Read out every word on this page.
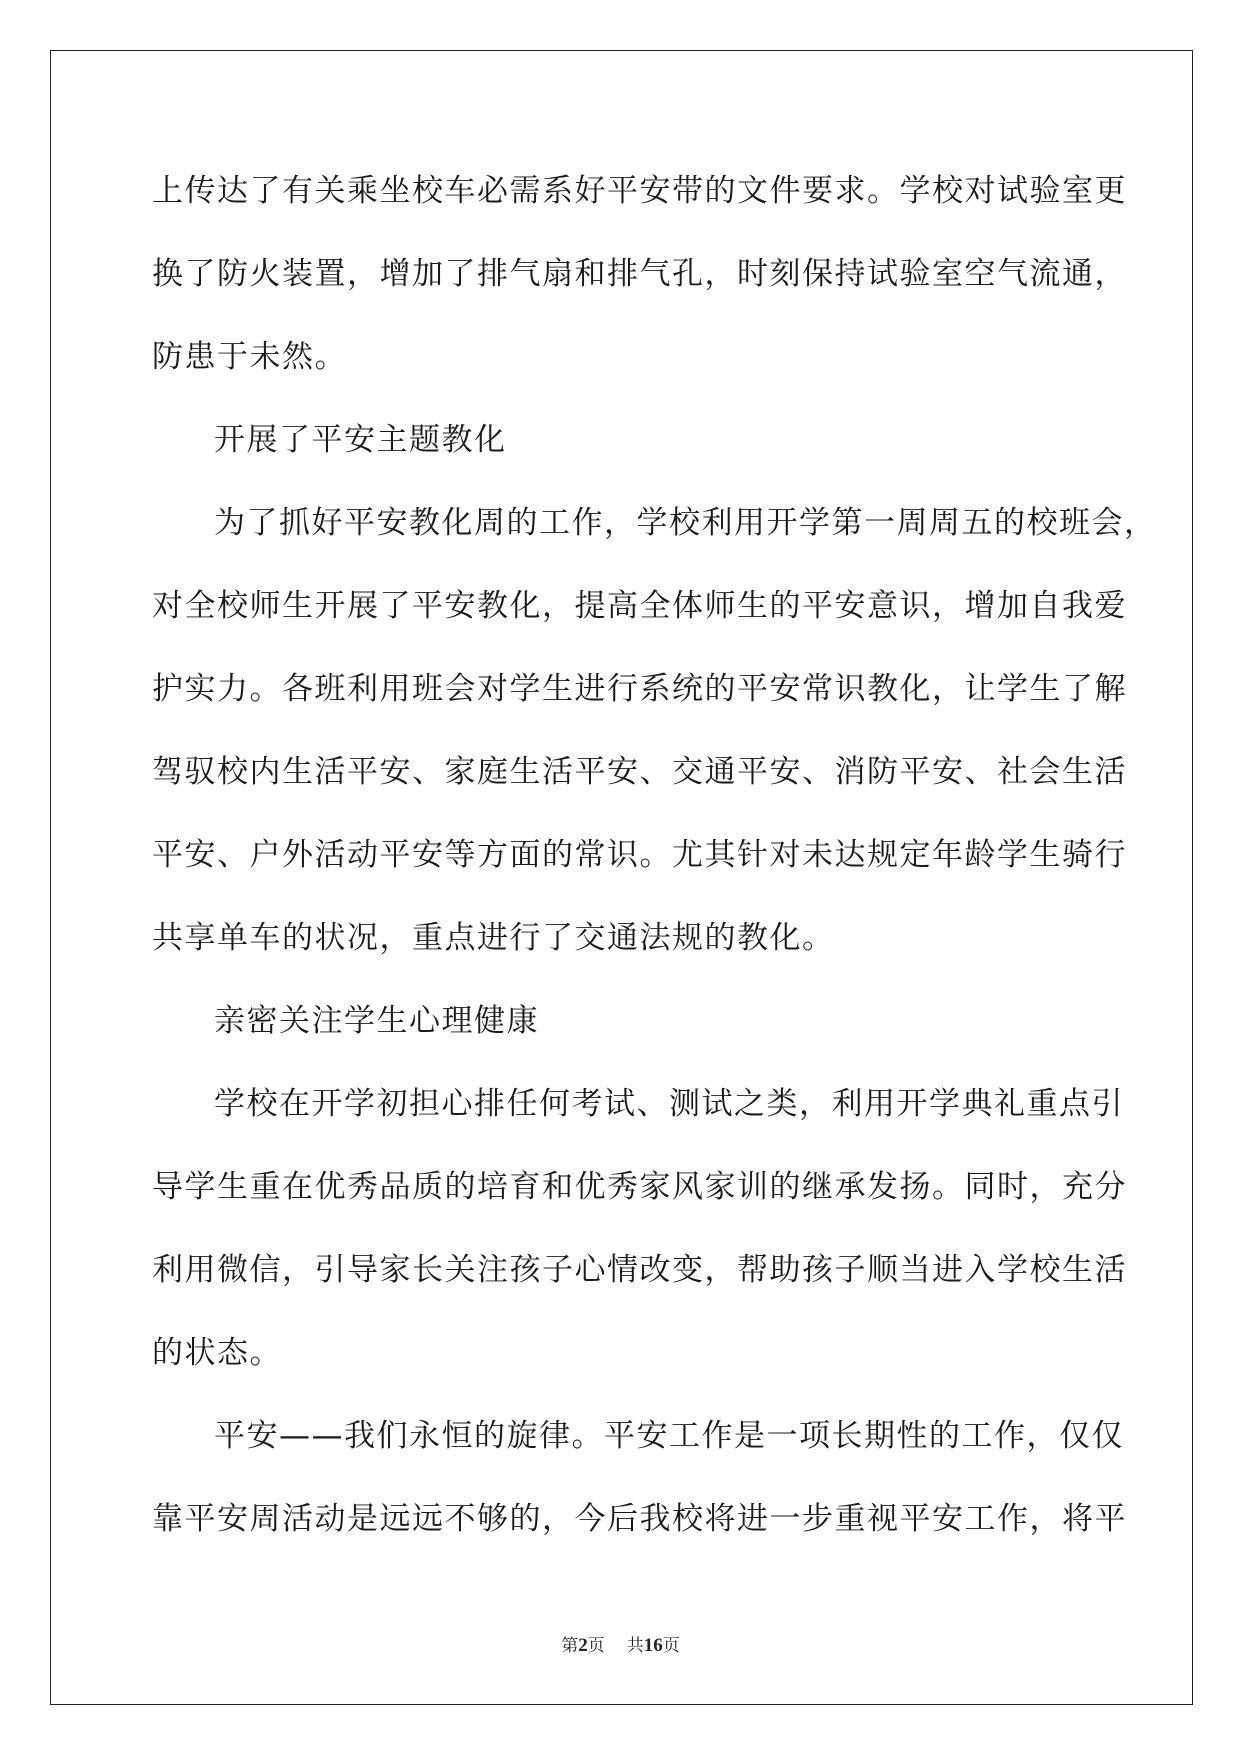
上传达了有关乘坐校车必需系好平安带的文件要求。学校对试验室更
换了防火装置，增加了排气扇和排气孔，时刻保持试验室空气流通，
防患于未然。
开展了平安主题教化
为了抓好平安教化周的工作，学校利用开学第一周周五的校班会，
对全校师生开展了平安教化，提高全体师生的平安意识，增加自我爱
护实力。各班利用班会对学生进行系统的平安常识教化，让学生了解
驾驭校内生活平安、家庭生活平安、交通平安、消防平安、社会生活
平安、户外活动平安等方面的常识。尤其针对未达规定年龄学生骑行
共享单车的状况，重点进行了交通法规的教化。
亲密关注学生心理健康
学校在开学初担心排任何考试、测试之类，利用开学典礼重点引
导学生重在优秀品质的培育和优秀家风家训的继承发扬。同时，充分
利用微信，引导家长关注孩子心情改变，帮助孩子顺当进入学校生活
的状态。
平安——我们永恒的旋律。平安工作是一项长期性的工作，仅仅
靠平安周活动是远远不够的，今后我校将进一步重视平安工作，将平
第2页 共16页
